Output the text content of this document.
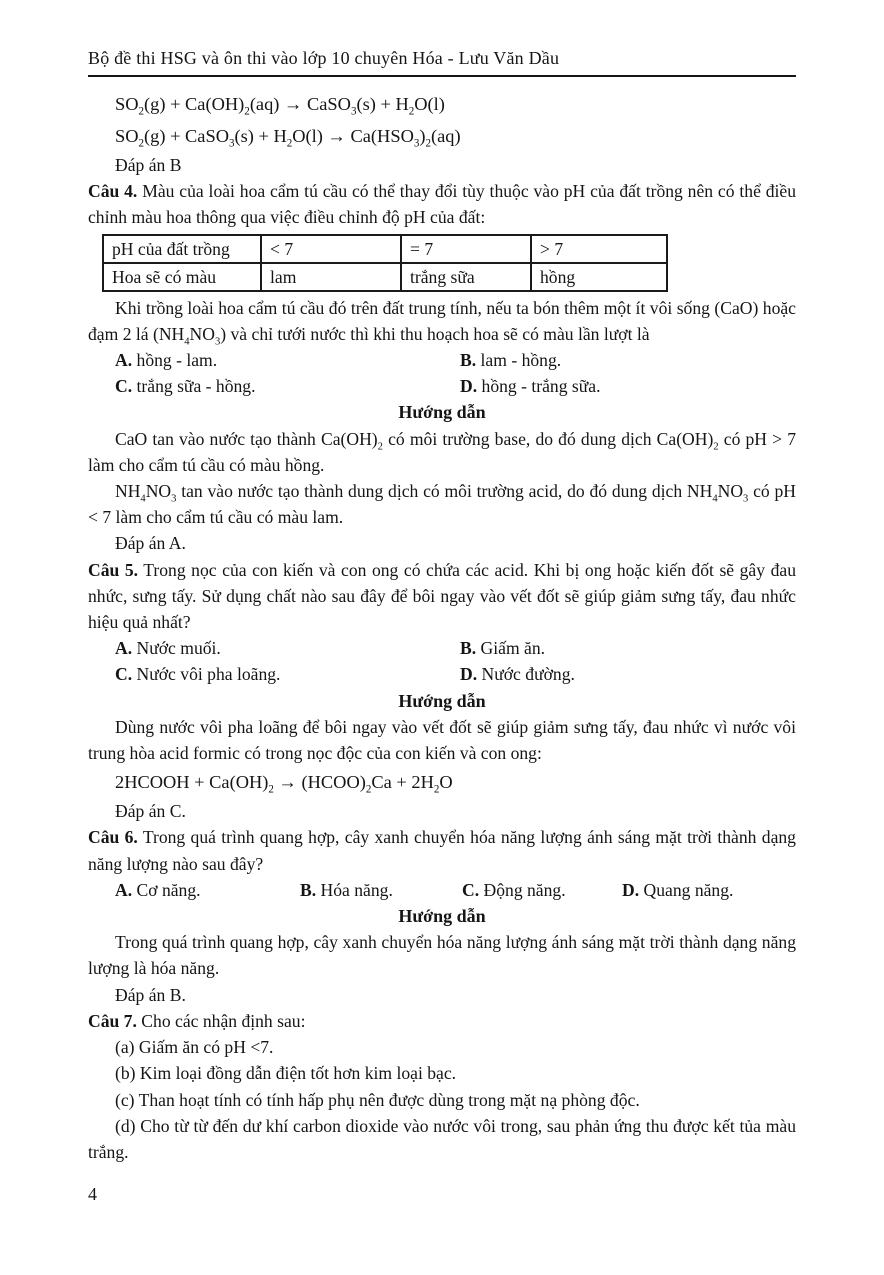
Bộ đề thi HSG và ôn thi vào lớp 10 chuyên Hóa - Lưu Văn Dầu

$SO_2(g) + Ca(OH)_2(aq)$ → CaSO$_3$(s) + $H_2O(l)$

$SO_2(g)$ + CaSO$_3$(s) + $H_2O(l) \to Ca(HSO_3)_2(aq)$

Đáp án B

Câu 4. Màu của loài hoa cẩm tú cầu có thể thay đổi tùy thuộc vào pH của đất trồng nên có thể điều chỉnh màu hoa thông qua việc điều chỉnh độ pH của đất:

pH của đất trồng	< 7	= 7	> 7
Hoa sẽ có màu	lam	trắng sữa	hồng

Khi trồng loài hoa cẩm tú cầu đó trên đất trung tính, nếu ta bón thêm một ít vôi sống (CaO) hoặc đạm 2 lá $(NH_4NO_3)$ và chỉ tưới nước thì khi thu hoạch hoa sẽ có màu lần lượt là

A. hồng - lam.	B. lam - hồng.
C. trắng sữa - hồng.	D. hồng - trắng sữa.

Hướng dẫn

CaO tan vào nước tạo thành $Ca(OH)_2$ có môi trường base, do đó dung dịch $Ca(OH)_2$ có pH > 7 làm cho cẩm tú cầu có màu hồng.

$NH_4NO_3$ tan vào nước tạo thành dung dịch có môi trường acid, do đó dung dịch $NH_4NO_3$ có pH < 7 làm cho cẩm tú cầu có màu lam.

Đáp án A.

Câu 5. Trong nọc của con kiến và con ong có chứa các acid. Khi bị ong hoặc kiến đốt sẽ gây đau nhức, sưng tấy. Sử dụng chất nào sau đây để bôi ngay vào vết đốt sẽ giúp giảm sưng tấy, đau nhức hiệu quả nhất?

A. Nước muối.	B. Giấm ăn.
C. Nước vôi pha loãng.	D. Nước đường.

Hướng dẫn

Dùng nước vôi pha loãng để bôi ngay vào vết đốt sẽ giúp giảm sưng tấy, đau nhức vì nước vôi trung hòa acid formic có trong nọc độc của con kiến và con ong:

2HCOOH + $Ca(OH)_2$ → $(HCOO)_2Ca + 2H_2O$

Đáp án C.

Câu 6. Trong quá trình quang hợp, cây xanh chuyển hóa năng lượng ánh sáng mặt trời thành dạng năng lượng nào sau đây?

A. Cơ năng.	B. Hóa năng.	C. Động năng.	D. Quang năng.

Hướng dẫn

Trong quá trình quang hợp, cây xanh chuyển hóa năng lượng ánh sáng mặt trời thành dạng năng lượng là hóa năng.

Đáp án B.

Câu 7. Cho các nhận định sau:

(a) Giấm ăn có pH <7.

(b) Kim loại đồng dẫn điện tốt hơn kim loại bạc.

(c) Than hoạt tính có tính hấp phụ nên được dùng trong mặt nạ phòng độc.

(d) Cho từ từ đến dư khí carbon dioxide vào nước vôi trong, sau phản ứng thu được kết tủa màu trắng.

4
